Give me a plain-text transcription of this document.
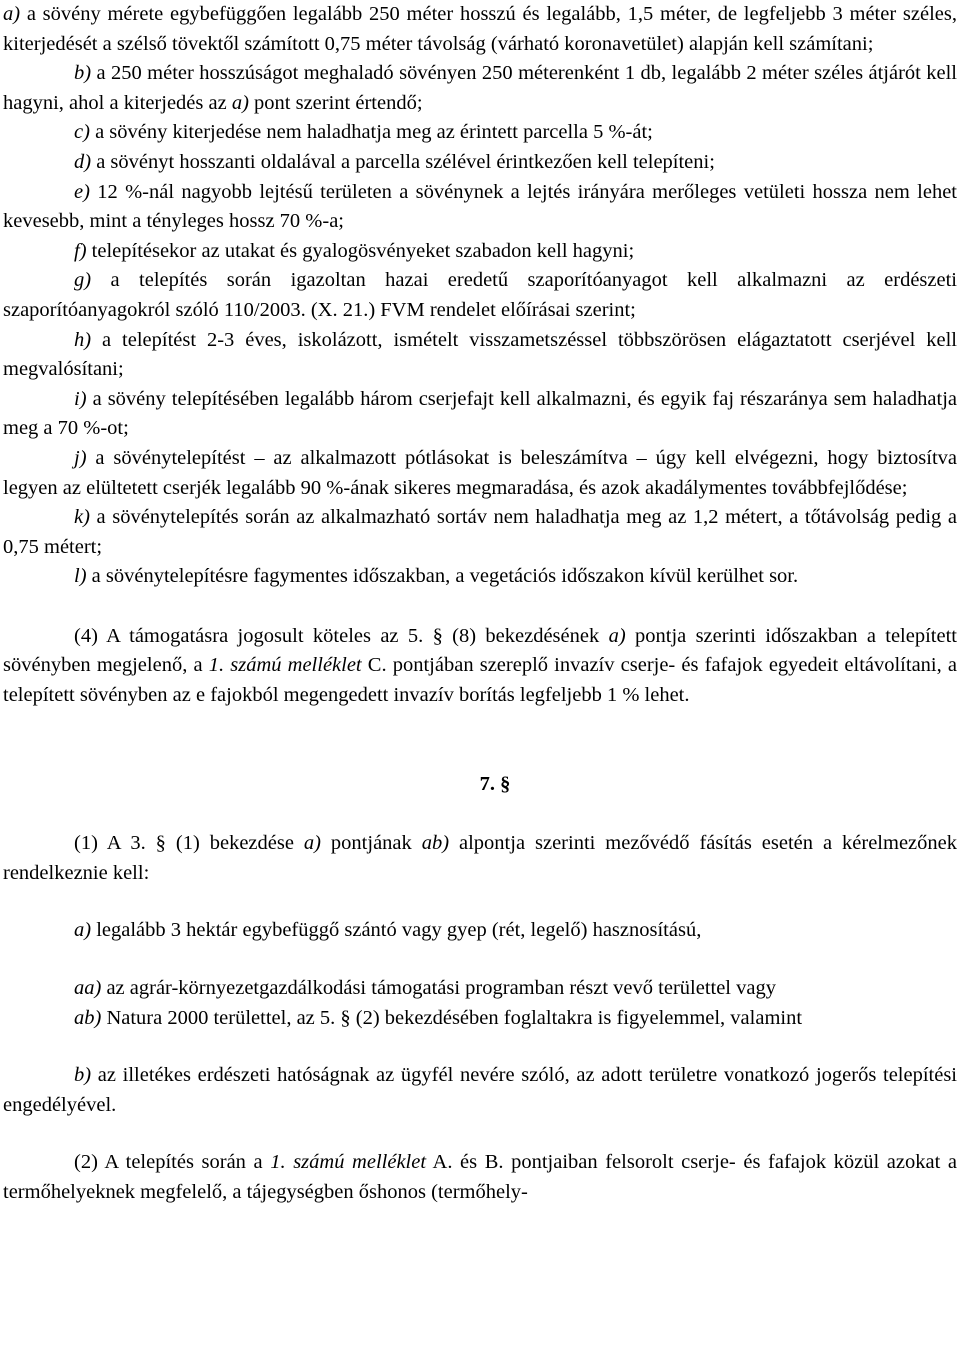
a) a sövény mérete egybefüggően legalább 250 méter hosszú és legalább, 1,5 méter, de legfeljebb 3 méter széles, kiterjedését a szélső tövektől számított 0,75 méter távolság (várható koronavetület) alapján kell számítani;

b) a 250 méter hosszúságot meghaladó sövényen 250 méterenként 1 db, legalább 2 méter széles átjárót kell hagyni, ahol a kiterjedés az a) pont szerint értendő;

c) a sövény kiterjedése nem haladhatja meg az érintett parcella 5 %-át;

d) a sövényt hosszanti oldalával a parcella szélével érintkezően kell telepíteni;

e) 12 %-nál nagyobb lejtésű területen a sövénynek a lejtés irányára merőleges vetületi hossza nem lehet kevesebb, mint a tényleges hossz 70 %-a;

f) telepítésekor az utakat és gyalogösvényeket szabadon kell hagyni;

g) a telepítés során igazoltan hazai eredetű szaporítóanyagot kell alkalmazni az erdészeti szaporítóanyagokról szóló 110/2003. (X. 21.) FVM rendelet előírásai szerint;

h) a telepítést 2-3 éves, iskolázott, ismételt visszametszéssel többszörösen elágaztatott cserjével kell megvalósítani;

i) a sövény telepítésében legalább három cserjefajt kell alkalmazni, és egyik faj részaránya sem haladhatja meg a 70 %-ot;

j) a sövénytelepítést – az alkalmazott pótlásokat is beleszámítva – úgy kell elvégezni, hogy biztosítva legyen az elültetett cserjék legalább 90 %-ának sikeres megmaradása, és azok akadálymentes továbbfejlődése;

k) a sövénytelepítés során az alkalmazható sortáv nem haladhatja meg az 1,2 métert, a tőtávolság pedig a 0,75 métert;

l) a sövénytelepítésre fagymentes időszakban, a vegetációs időszakon kívül kerülhet sor.

(4) A támogatásra jogosult köteles az 5. § (8) bekezdésének a) pontja szerinti időszakban a telepített sövényben megjelenő, a 1. számú melléklet C. pontjában szereplő invazív cserje- és fafajok egyedeit eltávolítani, a telepített sövényben az e fajokból megengedett invazív borítás legfeljebb 1 % lehet.

7. §

(1) A 3. § (1) bekezdése a) pontjának ab) alpontja szerinti mezővédő fásítás esetén a kérelmezőnek rendelkeznie kell:

a) legalább 3 hektár egybefüggő szántó vagy gyep (rét, legelő) hasznosítású,

aa) az agrár-környezetgazdálkodási támogatási programban részt vevő területtel vagy

ab) Natura 2000 területtel, az 5. § (2) bekezdésében foglaltakra is figyelemmel, valamint

b) az illetékes erdészeti hatóságnak az ügyfél nevére szóló, az adott területre vonatkozó jogerős telepítési engedélyével.

(2) A telepítés során a 1. számú melléklet A. és B. pontjaiban felsorolt cserje- és fafajok közül azokat a termőhelyeknek megfelelő, a tájegységben őshonos (termőhely-
